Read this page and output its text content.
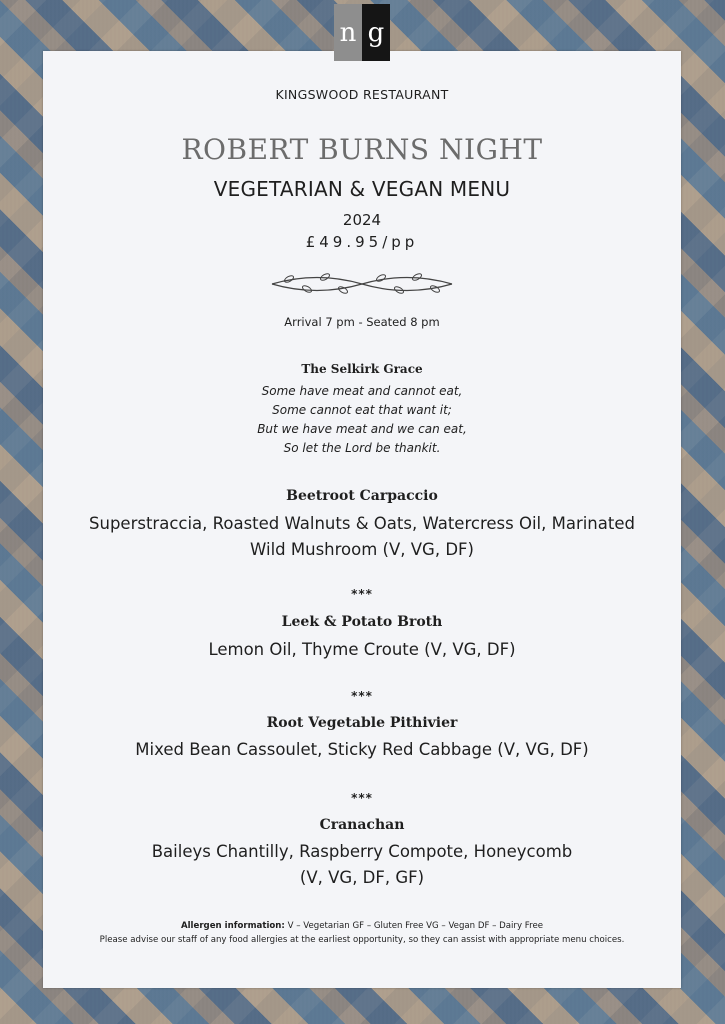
n g
KINGSWOOD RESTAURANT
ROBERT BURNS NIGHT
VEGETARIAN & VEGAN MENU
2024
£49.95/pp
Arrival 7 pm - Seated 8 pm
The Selkirk Grace
Some have meat and cannot eat,
Some cannot eat that want it;
But we have meat and we can eat,
So let the Lord be thankit.
Beetroot Carpaccio
Superstraccia, Roasted Walnuts & Oats, Watercress Oil, Marinated
Wild Mushroom (V, VG, DF)
***
Leek & Potato Broth
Lemon Oil, Thyme Croute (V, VG, DF)
***
Root Vegetable Pithivier
Mixed Bean Cassoulet, Sticky Red Cabbage (V, VG, DF)
***
Cranachan
Baileys Chantilly, Raspberry Compote, Honeycomb
(V, VG, DF, GF)
Allergen information: V – Vegetarian GF – Gluten Free VG – Vegan DF – Dairy Free
Please advise our staff of any food allergies at the earliest opportunity, so they can assist with appropriate menu choices.
